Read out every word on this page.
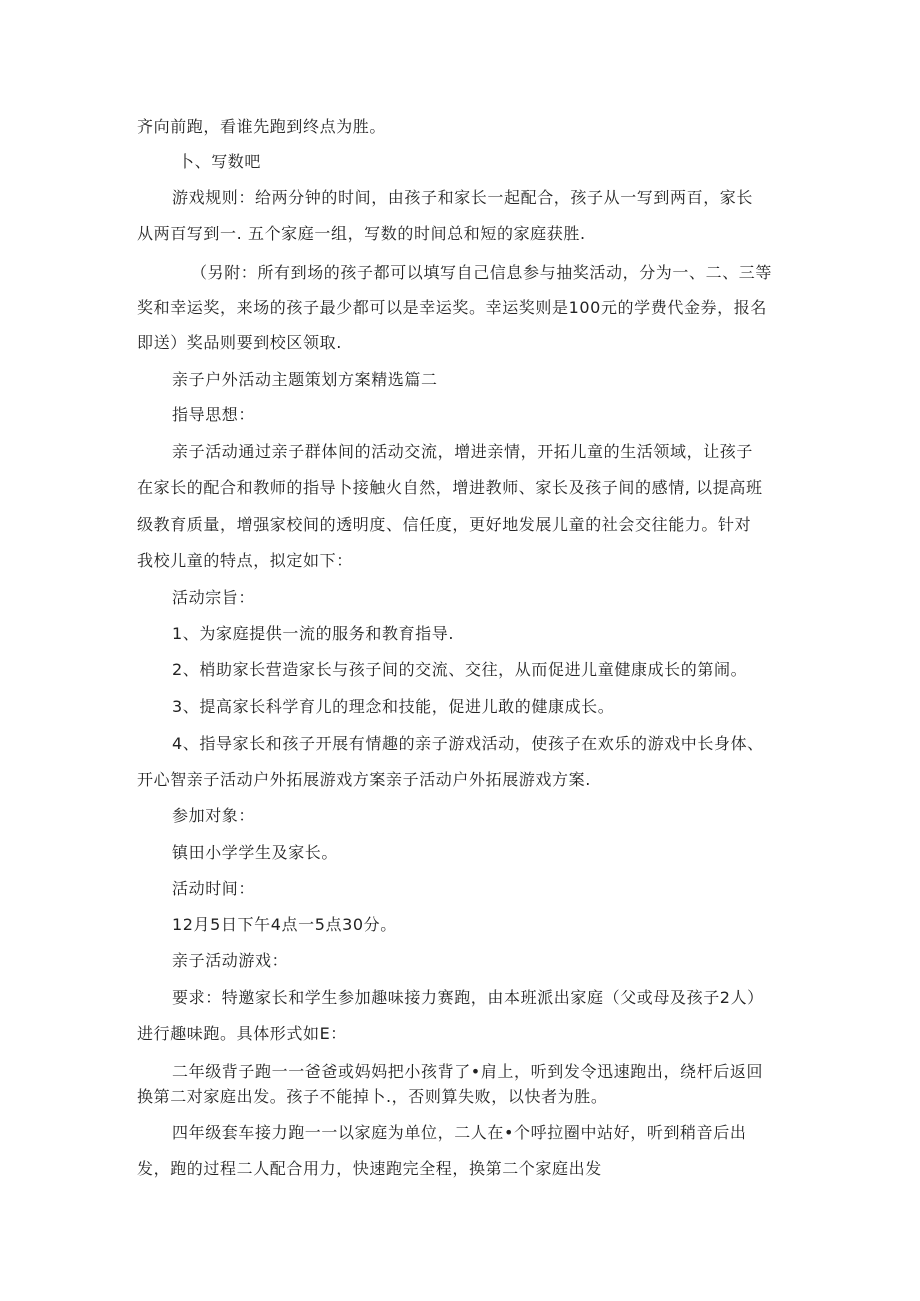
齐向前跑，看谁先跑到终点为胜。
卜、写数吧
游戏规则：给两分钟的时间，由孩子和家长一起配合，孩子从一写到两百，家长
从两百写到一. 五个家庭一组，写数的时间总和短的家庭获胜.
（另附：所有到场的孩子都可以填写自己信息参与抽奖活动，分为一、二、三等
奖和幸运奖，来场的孩子最少都可以是幸运奖。幸运奖则是100元的学费代金券，报名
即送）奖品则要到校区领取.
亲子户外活动主题策划方案精选篇二
指导思想：
亲子活动通过亲子群体间的活动交流，增进亲情，开拓儿童的生活领域，让孩子
在家长的配合和教师的指导卜接触火自然，增进教师、家长及孩子间的感情, 以提高班
级教育质量，增强家校间的透明度、信任度，更好地发展儿童的社会交往能力。针对
我校儿童的特点，拟定如下：
活动宗旨：
1、为家庭提供一流的服务和教育指导.
2、梢助家长营造家长与孩子间的交流、交往，从而促进儿童健康成长的第闹。
3、提高家长科学育儿的理念和技能，促进儿敢的健康成长。
4、指导家长和孩子开展有情趣的亲子游戏活动，使孩子在欢乐的游戏中长身体、
开心智亲子活动户外拓展游戏方案亲子活动户外拓展游戏方案.
参加对象：
镇田小学学生及家长。
活动时间：
12月5日下午4点一5点30分。
亲子活动游戏：
要求：特邀家长和学生参加趣味接力赛跑，由本班派出家庭（父或母及孩子2人）
进行趣味跑。具体形式如E：
二年级背子跑一一爸爸或妈妈把小孩背了•肩上，听到发令迅速跑出，绕杆后返回
换第二对家庭出发。孩子不能掉卜.，否则算失败，以快者为胜。
四年级套车接力跑一一以家庭为单位，二人在•个呼拉圈中站好，听到稍音后出
发，跑的过程二人配合用力，快速跑完全程，换第二个家庭出发
